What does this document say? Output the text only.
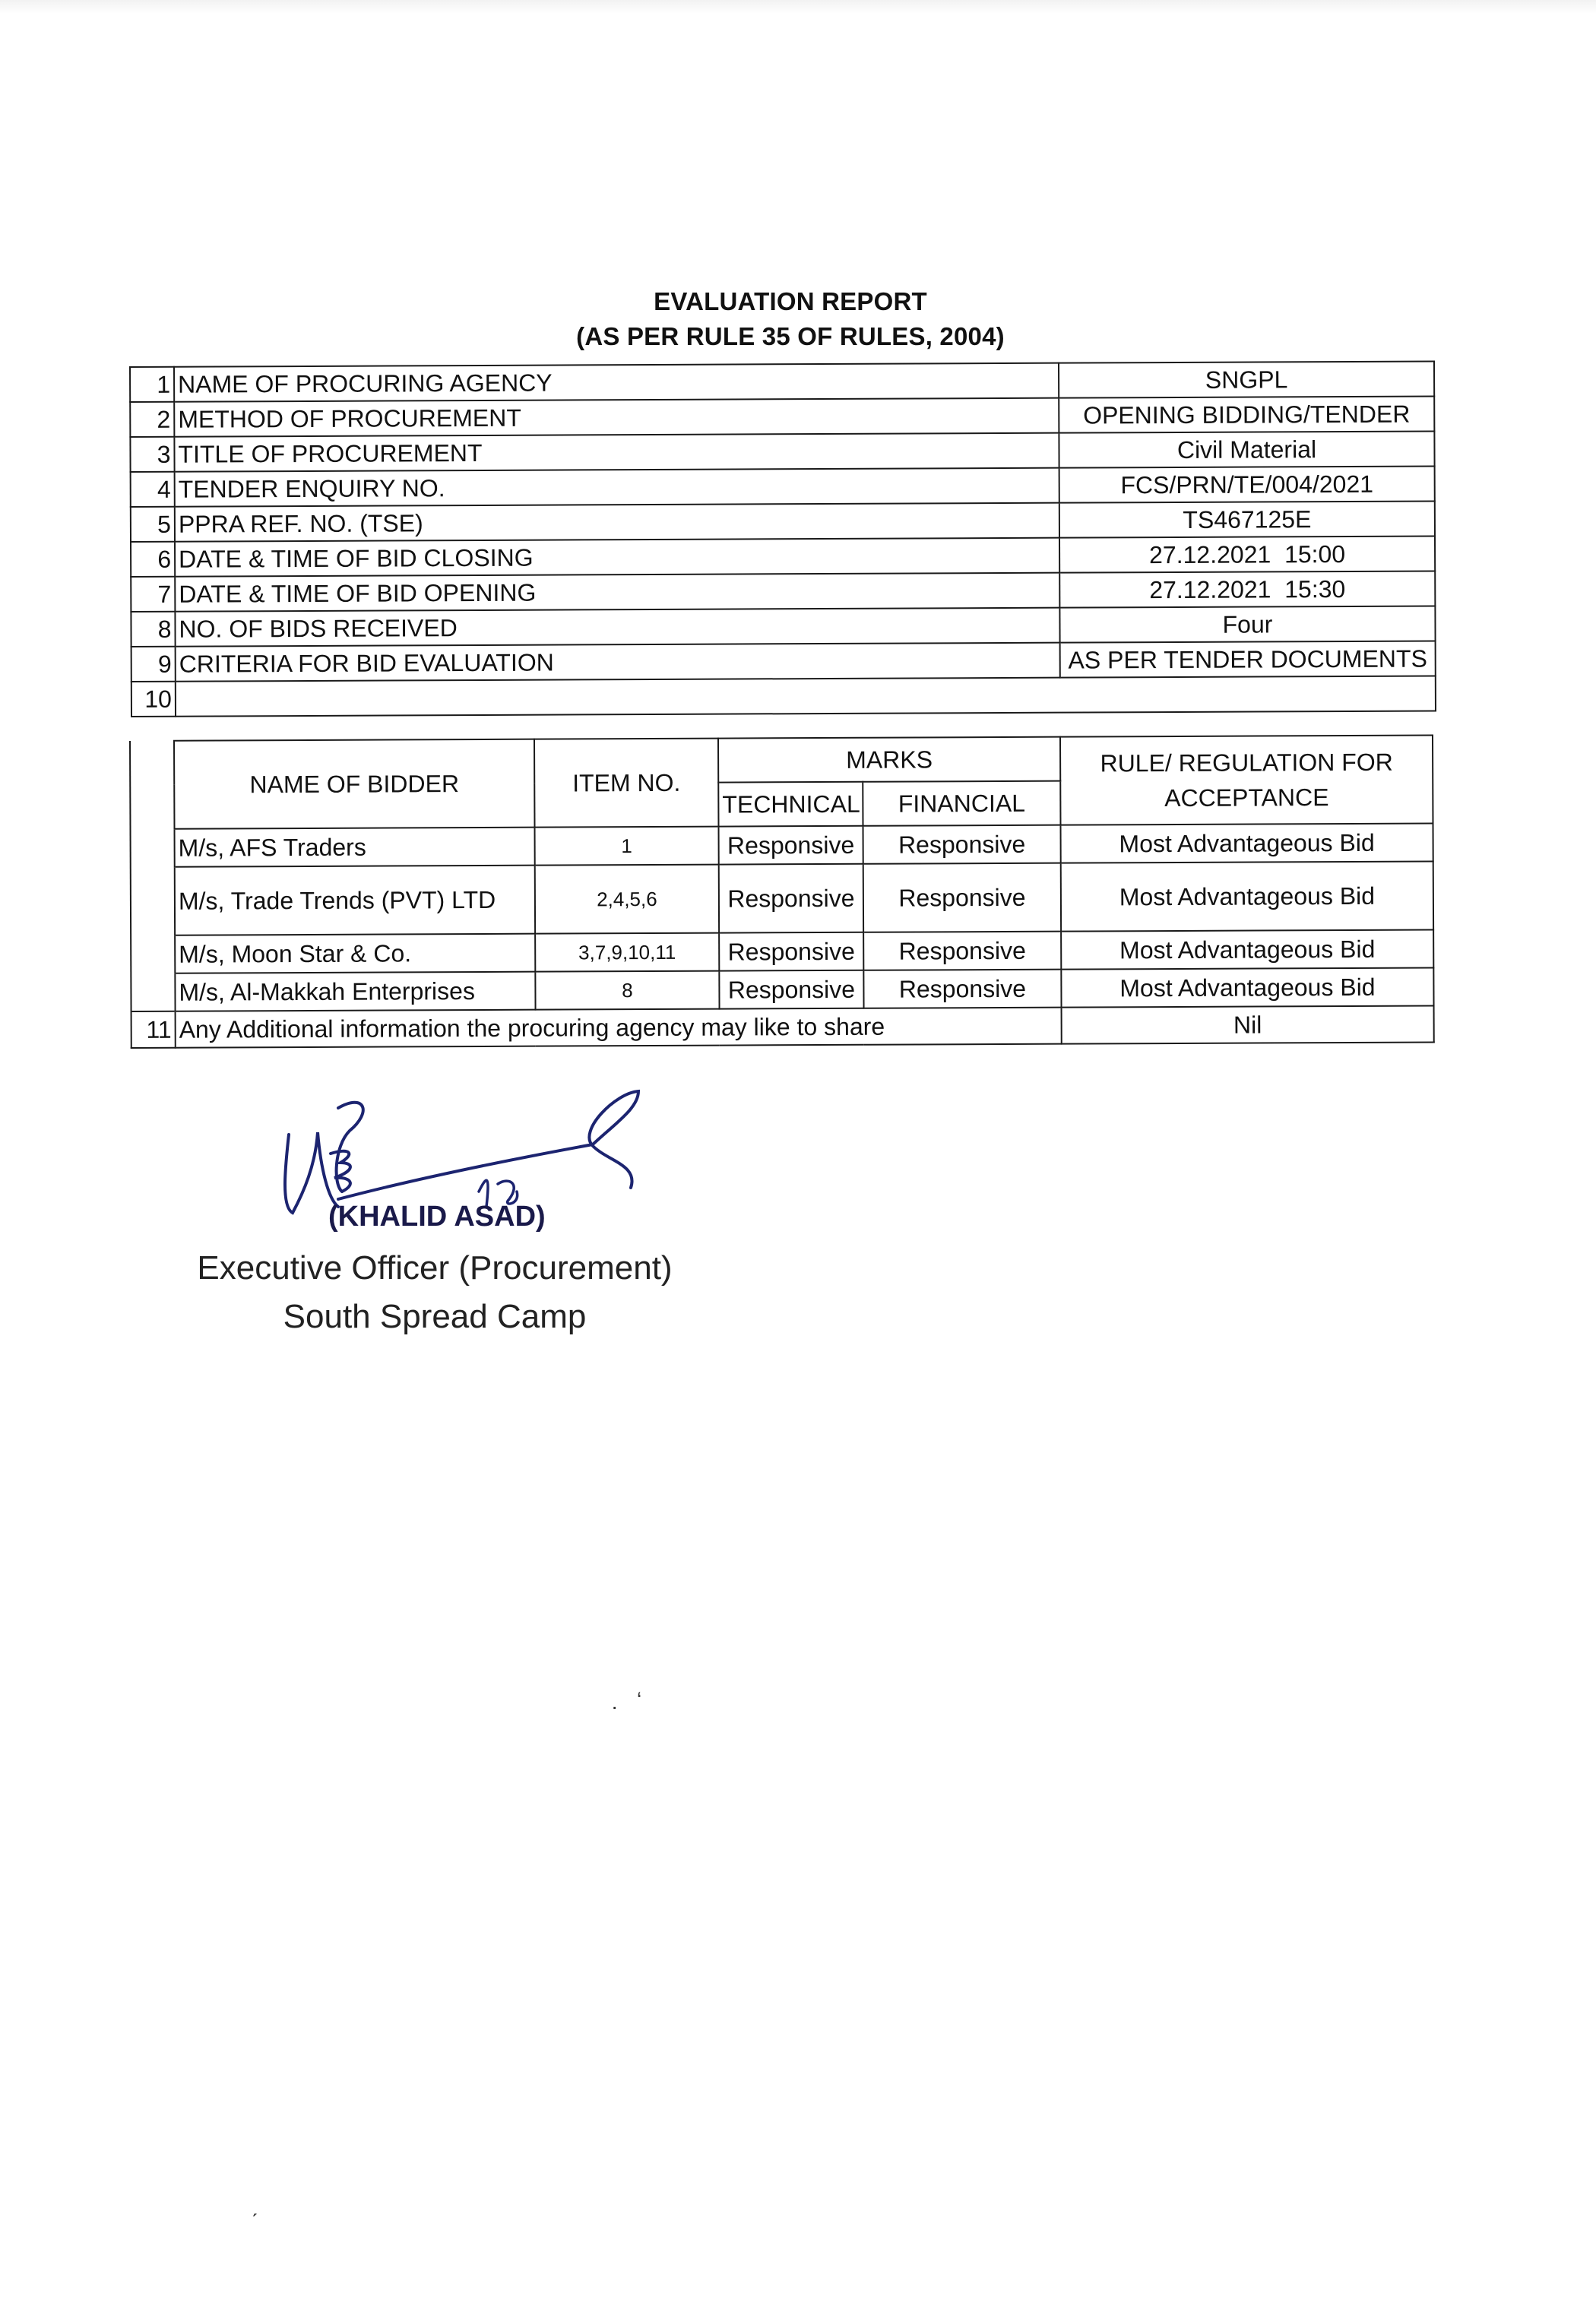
EVALUATION REPORT
(AS PER RULE 35 OF RULES, 2004)
1	NAME OF PROCURING AGENCY	SNGPL
2	METHOD OF PROCUREMENT	OPENING BIDDING/TENDER
3	TITLE OF PROCUREMENT	Civil Material
4	TENDER ENQUIRY NO.	FCS/PRN/TE/004/2021
5	PPRA REF. NO. (TSE)	TS467125E
6	DATE & TIME OF BID CLOSING	27.12.2021  15:00
7	DATE & TIME OF BID OPENING	27.12.2021  15:30
8	NO. OF BIDS RECEIVED	Four
9	CRITERIA FOR BID EVALUATION	AS PER TENDER DOCUMENTS
10		
	NAME OF BIDDER	ITEM NO.	MARKS		RULE/ REGULATION FOR
ACCEPTANCE

			TECHNICAL	FINANCIAL	
	M/s, AFS Traders	1	Responsive	Responsive	Most Advantageous Bid
	M/s, Trade Trends (PVT) LTD	2,4,5,6	Responsive	Responsive	Most Advantageous Bid
	M/s, Moon Star & Co.	3,7,9,10,11	Responsive	Responsive	Most Advantageous Bid
	M/s, Al-Makkah Enterprises	8	Responsive	Responsive	Most Advantageous Bid
11	Any Additional information the procuring agency may like to share				Nil
(KHALID ASAD)
Executive Officer (Procurement)
South Spread Camp
· ʻ
ˏ
